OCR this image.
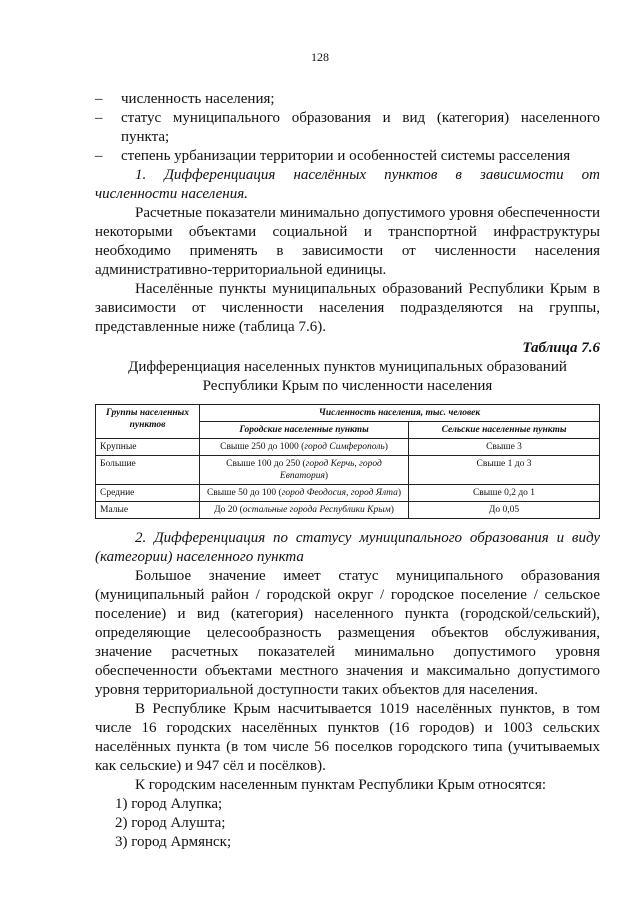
128
–	численность населения;
–	статус муниципального образования и вид (категория) населенного пункта;
–	степень урбанизации территории и особенностей системы расселения
1. Дифференциация населённых пунктов в зависимости от численности населения.
Расчетные показатели минимально допустимого уровня обеспеченности некоторыми объектами социальной и транспортной инфраструктуры необходимо применять в зависимости от численности населения административно-территориальной единицы.
Населённые пункты муниципальных образований Республики Крым в зависимости от численности населения подразделяются на группы, представленные ниже (таблица 7.6).
Таблица 7.6
Дифференциация населенных пунктов муниципальных образований
Республики Крым по численности населения
Группы населенных пунктов	Численность населения, тыс. человек	
	Городские населенные пункты	Сельские населенные пункты
Крупные	Свыше 250 до 1000 (город Симферополь)	Свыше 3
Большие	Свыше 100 до 250 (город Керчь, город Евпатория)	Свыше 1 до 3
Средние	Свыше 50 до 100 (город Феодосия, город Ялта)	Свыше 0,2 до 1
Малые	До 20 (остальные города Республики Крым)	До 0,05
2. Дифференциация по статусу муниципального образования и виду (категории) населенного пункта
Большое значение имеет статус муниципального образования (муниципальный район / городской округ / городское поселение / сельское поселение) и вид (категория) населенного пункта (городской/сельский), определяющие целесообразность размещения объектов обслуживания, значение расчетных показателей минимально допустимого уровня обеспеченности объектами местного значения и максимально допустимого уровня территориальной доступности таких объектов для населения.
В Республике Крым насчитывается 1019 населённых пунктов, в том числе 16 городских населённых пунктов (16 городов) и 1003 сельских населённых пункта (в том числе 56 поселков городского типа (учитываемых как сельские) и 947 сёл и посёлков).
К городским населенным пунктам Республики Крым относятся:
1) город Алупка;
2) город Алушта;
3) город Армянск;
